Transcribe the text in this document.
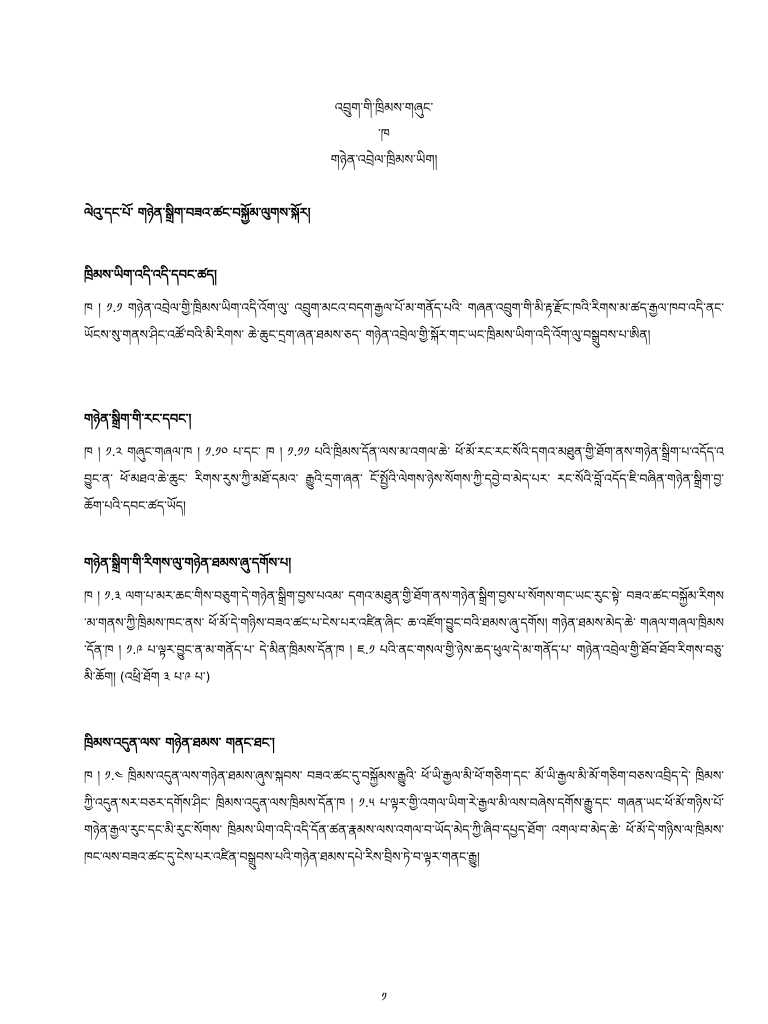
འབྲུག་གི་ཁྲིམས་གཞུང་
་ཁ
གཉེན་འབྲེལ་ཁྲིམས་ཡིག།
ལེའུ་དང་པོ་ གཉེན་སྒྲིག་བཟའ་ཚང་བསྐྱོམ་ལུགས་སྐོར།
ཁྲིམས་ཡིག་འདི་འདི་དབང་ཚད།
ཁ ། ༡.༡ གཉེན་འབྲེལ་གྱི་ཁྲིམས་ཡིག་འདི་འོག་ལུ་ འབྲུག་མངའ་བདག་རྒྱལ་པོ་མ་གནོད་པའི་ གཞན་འབྲུག་གི་མི་རྟ་རྫོང་ཁའི་རིགས་མ་ཚད་རྒྱལ་ཁབ་འདི་ནང་ཡོངས་སུ་གནས་ཤིང་འཚོ་བའི་མི་རིགས་ ཆེ་ཆུང་དྲག་ཞན་ཐམས་ཅད་ གཉེན་འབྲེལ་གྱི་སྐོར་གང་ཡང་ཁྲིམས་ཡིག་འདི་འོག་ལུ་བསྒྲུབས་པ་ཨིན།
གཉེན་སྒྲིག་གི་རང་དབང་།
ཁ ། ༡.༢ གཞུང་གཞལ་ཁ ། ༡.༡༠ པ་དང་ ཁ ། ༡.༡༡ པའི་ཁྲིམས་དོན་ལས་མ་འགལ་ཆེ་ ཕོ་མོ་རང་རང་སོའི་དགའ་མཐུན་གྱི་ཐོག་ནས་གཉེན་སྒྲིག་པ་འདོད་འབྱུང་ན་ ཕོ་མཐའ་ཆེ་ཆུང་ རིགས་རུས་ཀྱི་མཐོ་དམའ་ རྒྱུའི་དྲག་ཞན་ ངོ་སྤྱོའི་ལེགས་ཉེས་སོགས་ཀྱི་དབྱེ་བ་མེད་པར་ རང་སོའི་བློ་འདོད་ཇི་བཞིན་གཉེན་སྒྲིག་བྱ་ཆོག་པའི་དབང་ཚད་ཡོད།
གཉེན་སྒྲིག་གི་རིགས་ལུ་གཉེན་ཐམས་ཞུ་དགོས་པ།
ཁ ། ༡.༣ ལག་པ་མར་ཆང་གིས་བཅུག་དེ་གཉེན་སྒྲིག་བྱས་པའམ་ དགའ་མཐུན་གྱི་ཐོག་ནས་གཉེན་སྒྲིག་བྱས་པ་སོགས་གང་ཡང་རུང་སྟེ་ བཟའ་ཚང་བསྐྱོམ་རིགས་མ་གནས་ཀྱི་ཁྲིམས་ཁང་ནས་ ཕོ་མོ་དེ་གཉིས་བཟའ་ཚང་པ་ངེས་པར་འཛིན་ཞིང་ ཆ་འཛོག་བྱུང་བའི་ཐམས་ཞུ་དགོས། གཉེན་ཐམས་མེད་ཆེ་ གཞལ་གཞལ་ཁྲིམས་དོན་ཁ ། ༡.༩ པ་ལྟར་བྱུང་ན་མ་གནོད་པ་ དེ་མིན་ཁྲིམས་དོན་ཁ ། ཇ.༡ པའི་ནང་གསལ་གྱི་ཉེས་ཆད་ཕུལ་དེ་མ་གནོད་པ་ གཉེན་འབྲེལ་གྱི་ཐོབ་ཐོབ་རིགས་བཅུ་མི་ཆོག། (འཕྲི་ཐོག ༣ པ་༩ པ་)
ཁྲིམས་འདུན་ལས་ གཉེན་ཐམས་ གནང་ཐང་།
ཁ ། ༡.༤ ཁྲིམས་འདུན་ལས་གཉེན་ཐམས་ཞུས་སྐབས་ བཟའ་ཚང་དུ་བསྐྱོམས་རྒྱུའི་ ཕོ་ཡི་རྒྱལ་མི་ཕོ་གཅིག་དང་ མོ་ཡི་རྒྱལ་མི་མོ་གཅིག་བཅས་འབྲིད་དེ་ ཁྲིམས་ཀྱི་འདུན་སར་བཅར་དགོས་ཤིང་ ཁྲིམས་འདུན་ལས་ཁྲིམས་དོན་ཁ ། ༡.༥ པ་ལྟར་གྱི་འགལ་ཡིག་རེ་རྒྱལ་མི་ལས་བཞེས་དགོས་རྒྱུ་དང་ གཞན་ཡང་ཕོ་མོ་གཉིས་པོ་གཉེན་རྒྱལ་རུང་དང་མི་རུང་སོགས་ ཁྲིམས་ཡིག་འདི་འདི་དོན་ཚན་རྣམས་ལས་འགལ་བ་ཡོད་མེད་ཀྱི་ཞིབ་དཔྱད་ཐོག་ འགལ་བ་མེད་ཆེ་ ཕོ་མོ་དེ་གཉིས་ལ་ཁྲིམས་ཁང་ལས་བཟའ་ཚང་དུ་ངེས་པར་འཛིན་བསྒྲུབས་པའི་གཉེན་ཐམས་དཔེ་རིས་བྲིས་ཏེ་བ་ལྟར་གནང་རྒྱུ།
༡
